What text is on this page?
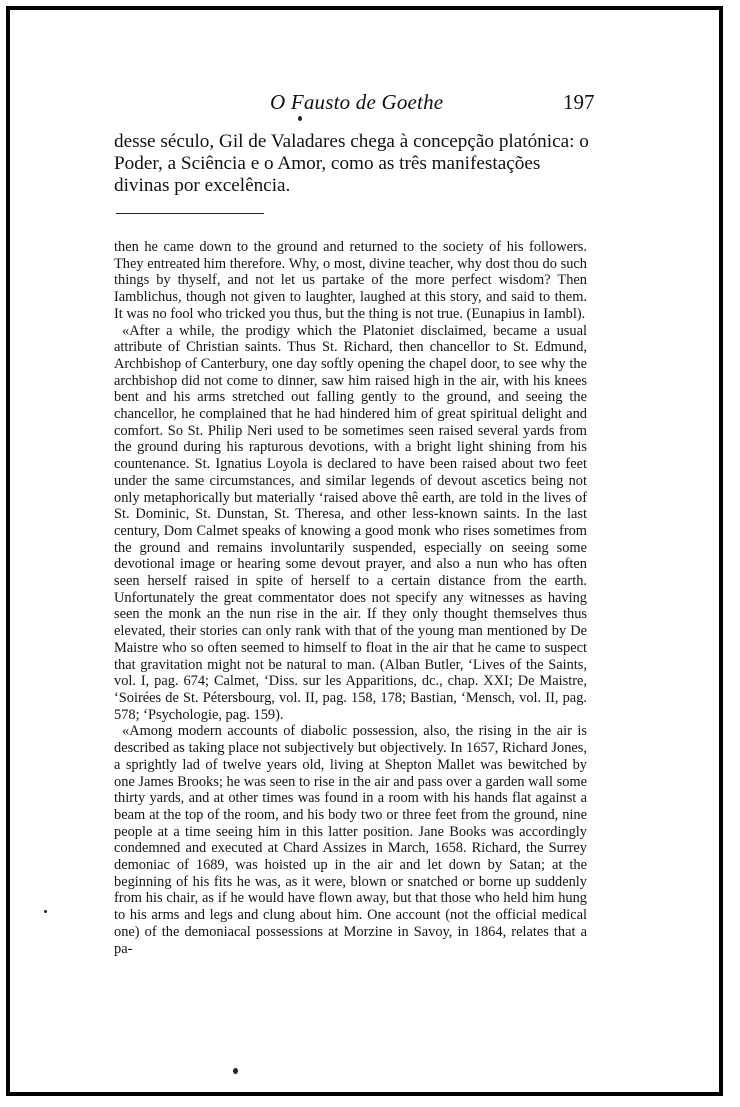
O Fausto de Goethe	197

desse século, Gil de Valadares chega à concepção platónica: o Poder, a Sciência e o Amor, como as três manifestações divinas por excelência.

then he came down to the ground and returned to the society of his followers. They entreated him therefore. Why, o most, divine teacher, why dost thou do such things by thyself, and not let us partake of the more perfect wisdom? Then Iamblichus, though not given to laughter, laughed at this story, and said to them. It was no fool who tricked you thus, but the thing is not true. (Eunapius in Iambl).

«After a while, the prodigy which the Platoniet disclaimed, became a usual attribute of Christian saints. Thus St. Richard, then chancellor to St. Edmund, Archbishop of Canterbury, one day softly opening the chapel door, to see why the archbishop did not come to dinner, saw him raised high in the air, with his knees bent and his arms stretched out falling gently to the ground, and seeing the chancellor, he complained that he had hindered him of great spiritual delight and comfort. So St. Philip Neri used to be sometimes seen raised several yards from the ground during his rapturous devotions, with a bright light shining from his countenance. St. Ignatius Loyola is declared to have been raised about two feet under the same circumstances, and similar legends of devout ascetics being not only metaphorically but materially ‘raised above thê earth, are told in the lives of St. Dominic, St. Dunstan, St. Theresa, and other less-known saints. In the last century, Dom Calmet speaks of knowing a good monk who rises sometimes from the ground and remains involuntarily suspended, especially on seeing some devotional image or hearing some devout prayer, and also a nun who has often seen herself raised in spite of herself to a certain distance from the earth. Unfortunately the great commentator does not specify any witnesses as having seen the monk an the nun rise in the air. If they only thought themselves thus elevated, their stories can only rank with that of the young man mentioned by De Maistre who so often seemed to himself to float in the air that he came to suspect that gravitation might not be natural to man. (Alban Butler, ‘Lives of the Saints, vol. I, pag. 674; Calmet, ‘Diss. sur les Apparitions, dc., chap. XXI; De Maistre, ‘Soirées de St. Pétersbourg, vol. II, pag. 158, 178; Bastian, ‘Mensch, vol. II, pag. 578; ‘Psychologie, pag. 159).

«Among modern accounts of diabolic possession, also, the rising in the air is described as taking place not subjectively but objectively. In 1657, Richard Jones, a sprightly lad of twelve years old, living at Shepton Mallet was bewitched by one James Brooks; he was seen to rise in the air and pass over a garden wall some thirty yards, and at other times was found in a room with his hands flat against a beam at the top of the room, and his body two or three feet from the ground, nine people at a time seeing him in this latter position. Jane Books was accordingly condemned and executed at Chard Assizes in March, 1658. Richard, the Surrey demoniac of 1689, was hoisted up in the air and let down by Satan; at the beginning of his fits he was, as it were, blown or snatched or borne up suddenly from his chair, as if he would have flown away, but that those who held him hung to his arms and legs and clung about him. One account (not the official medical one) of the demoniacal possessions at Morzine in Savoy, in 1864, relates that a pa-
